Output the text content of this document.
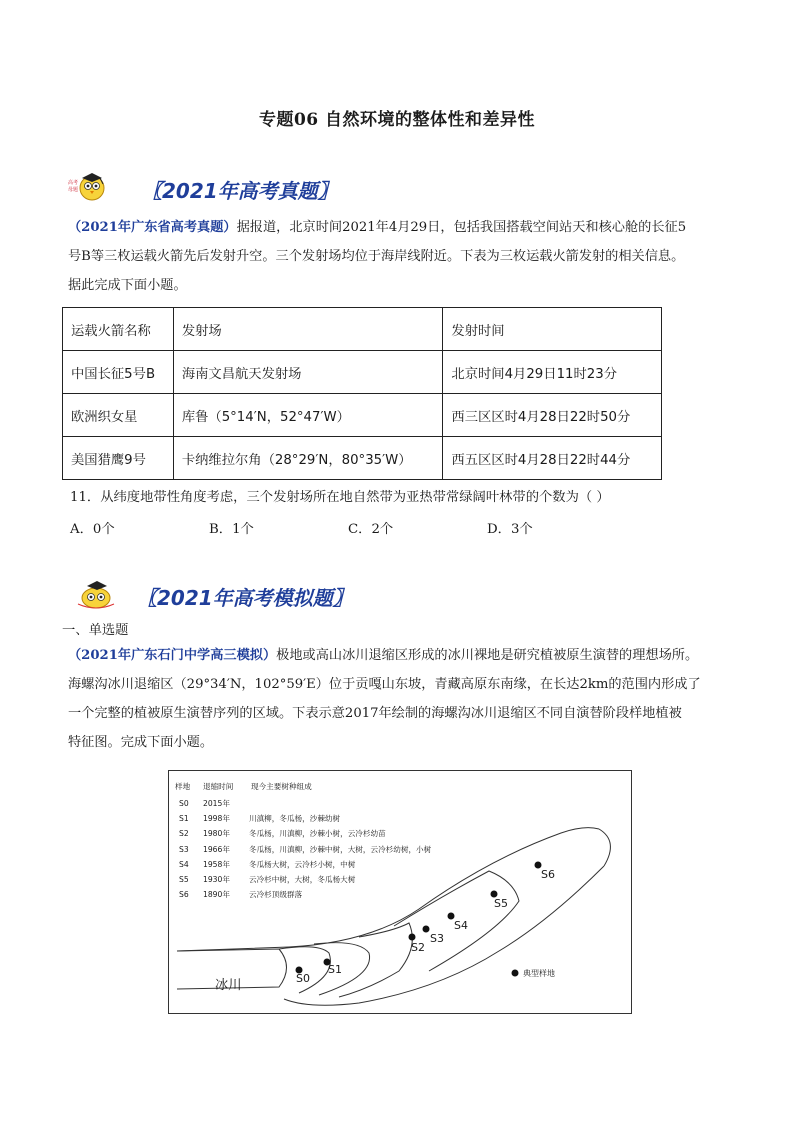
专题06 自然环境的整体性和差异性
高考
母题	〖2021年高考真题〗
（2021年广东省高考真题）据报道，北京时间2021年4月29日，包括我国搭载空间站天和核心舱的长征5
号B等三枚运载火箭先后发射升空。三个发射场均位于海岸线附近。下表为三枚运载火箭发射的相关信息。
据此完成下面小题。
运载火箭名称	发射场	发射时间
中国长征5号B	海南文昌航天发射场	北京时间4月29日11时23分
欧洲织女星	库鲁（5°14′N，52°47′W）	西三区区时4月28日22时50分
美国猎鹰9号	卡纳维拉尔角（28°29′N，80°35′W）	西五区区时4月28日22时44分
11．从纬度地带性角度考虑，三个发射场所在地自然带为亚热带常绿阔叶林带的个数为（ ）
A．0个	B．1个	C．2个	D．3个
〖2021年高考模拟题〗
一、单选题
（2021年广东石门中学高三模拟）极地或高山冰川退缩区形成的冰川裸地是研究植被原生演替的理想场所。
海螺沟冰川退缩区（29°34′N，102°59′E）位于贡嘎山东坡，青藏高原东南缘，在长达2km的范围内形成了
一个完整的植被原生演替序列的区域。下表示意2017年绘制的海螺沟冰川退缩区不同自演替阶段样地植被
特征图。完成下面小题。
样地 退缩时间 现今主要树种组成
S0 2015年
S1 1998年	川滇柳，冬瓜杨，沙棘幼树
S2 1980年	冬瓜杨，川滇柳，沙棘小树，云冷杉幼苗
S3 1966年	冬瓜杨，川滇柳，沙棘中树，大树，云冷杉幼树，小树
S4 1958年	冬瓜杨大树，云冷杉小树，中树
S5 1930年	云冷杉中树，大树，冬瓜杨大树
S6 1890年	云冷杉顶级群落
冰川	S0
S1
S2
S3
S4
S5
S6
典型样地
